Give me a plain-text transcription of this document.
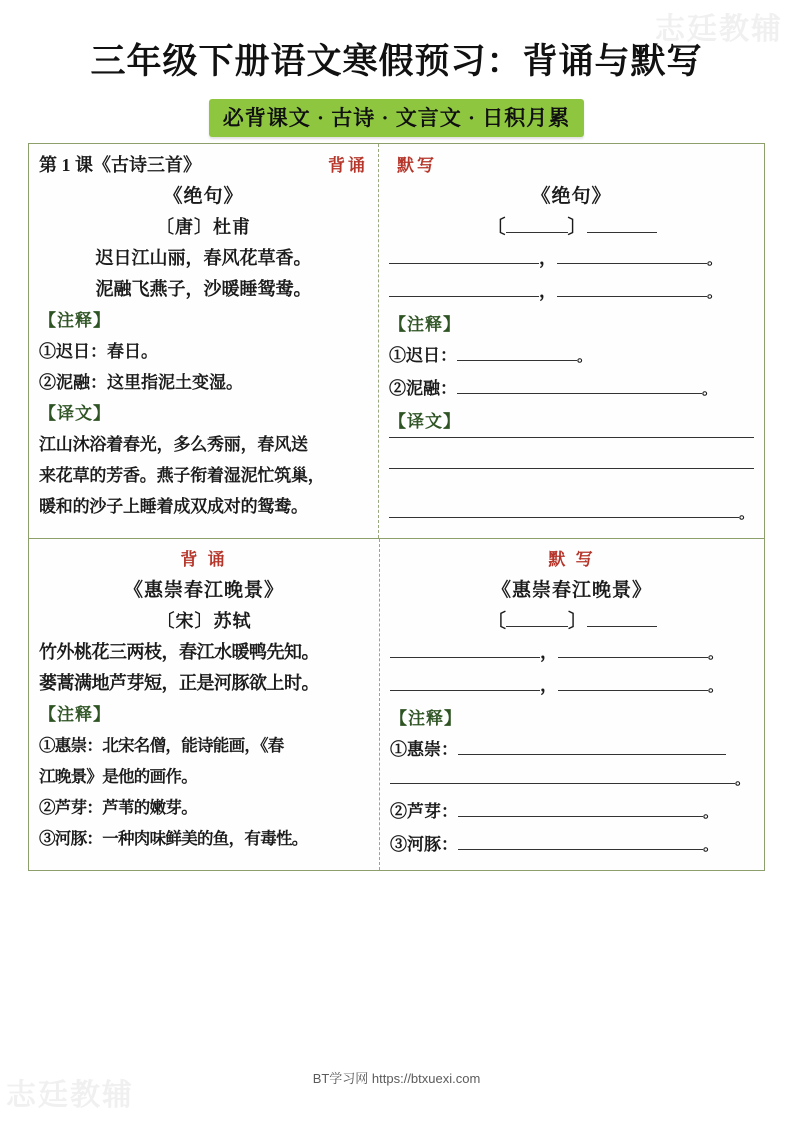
志廷教辅
志廷教辅
三年级下册语文寒假预习：背诵与默写
必背课文 · 古诗 · 文言文 · 日积月累
第 1 课《古诗三首》	背诵
《绝句》
〔唐〕杜甫
迟日江山丽，春风花草香。
泥融飞燕子，沙暖睡鸳鸯。
【注释】
①迟日：春日。
②泥融：这里指泥土变湿。
【译文】
江山沐浴着春光，多么秀丽，春风送
来花草的芳香。燕子衔着湿泥忙筑巢，
暖和的沙子上睡着成双成对的鸳鸯。
默写
《绝句》
〔	〕
，	。
，	。
【注释】
①迟日：	。
②泥融：	。
【译文】
。
背 诵
《惠崇春江晚景》
〔宋〕苏轼
竹外桃花三两枝，春江水暖鸭先知。
蒌蒿满地芦芽短，正是河豚欲上时。
【注释】
①惠崇：北宋名僧，能诗能画，《春
江晚景》是他的画作。
②芦芽：芦苇的嫩芽。
③河豚：一种肉味鲜美的鱼，有毒性。
默 写
《惠崇春江晚景》
〔	〕
，	。
，	。
【注释】
①惠崇：
。
②芦芽：	。
③河豚：	。
BT学习网 https://btxuexi.com
